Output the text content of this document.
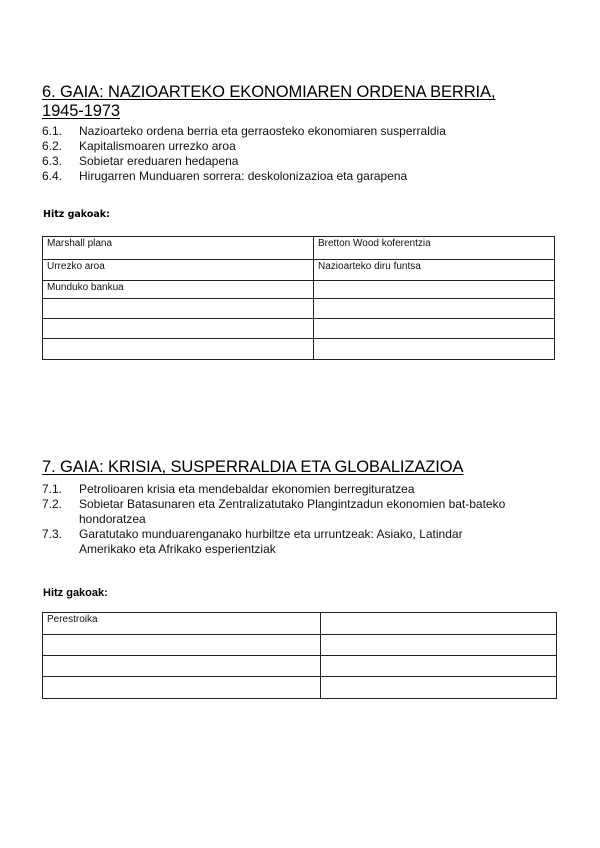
6. GAIA: NAZIOARTEKO EKONOMIAREN ORDENA BERRIA,
1945-1973
6.1. Nazioarteko ordena berria eta gerraosteko ekonomiaren susperraldia
6.2. Kapitalismoaren urrezko aroa
6.3. Sobietar ereduaren hedapena
6.4. Hirugarren Munduaren sorrera: deskolonizazioa eta garapena
Hitz gakoak:
Marshall plana	Bretton Wood koferentzia
Urrezko aroa	Nazioarteko diru funtsa
Munduko bankua	

7. GAIA: KRISIA, SUSPERRALDIA ETA GLOBALIZAZIOA
7.1. Petrolioaren krisia eta mendebaldar ekonomien berregituratzea
7.2. Sobietar Batasunaren eta Zentralizatutako Plangintzadun ekonomien bat-bateko
hondoratzea
7.3. Garatutako munduarenganako hurbiltze eta urruntzeak: Asiako, Latindar
Amerikako eta Afrikako esperientziak
Hitz gakoak:
Perestroika	
